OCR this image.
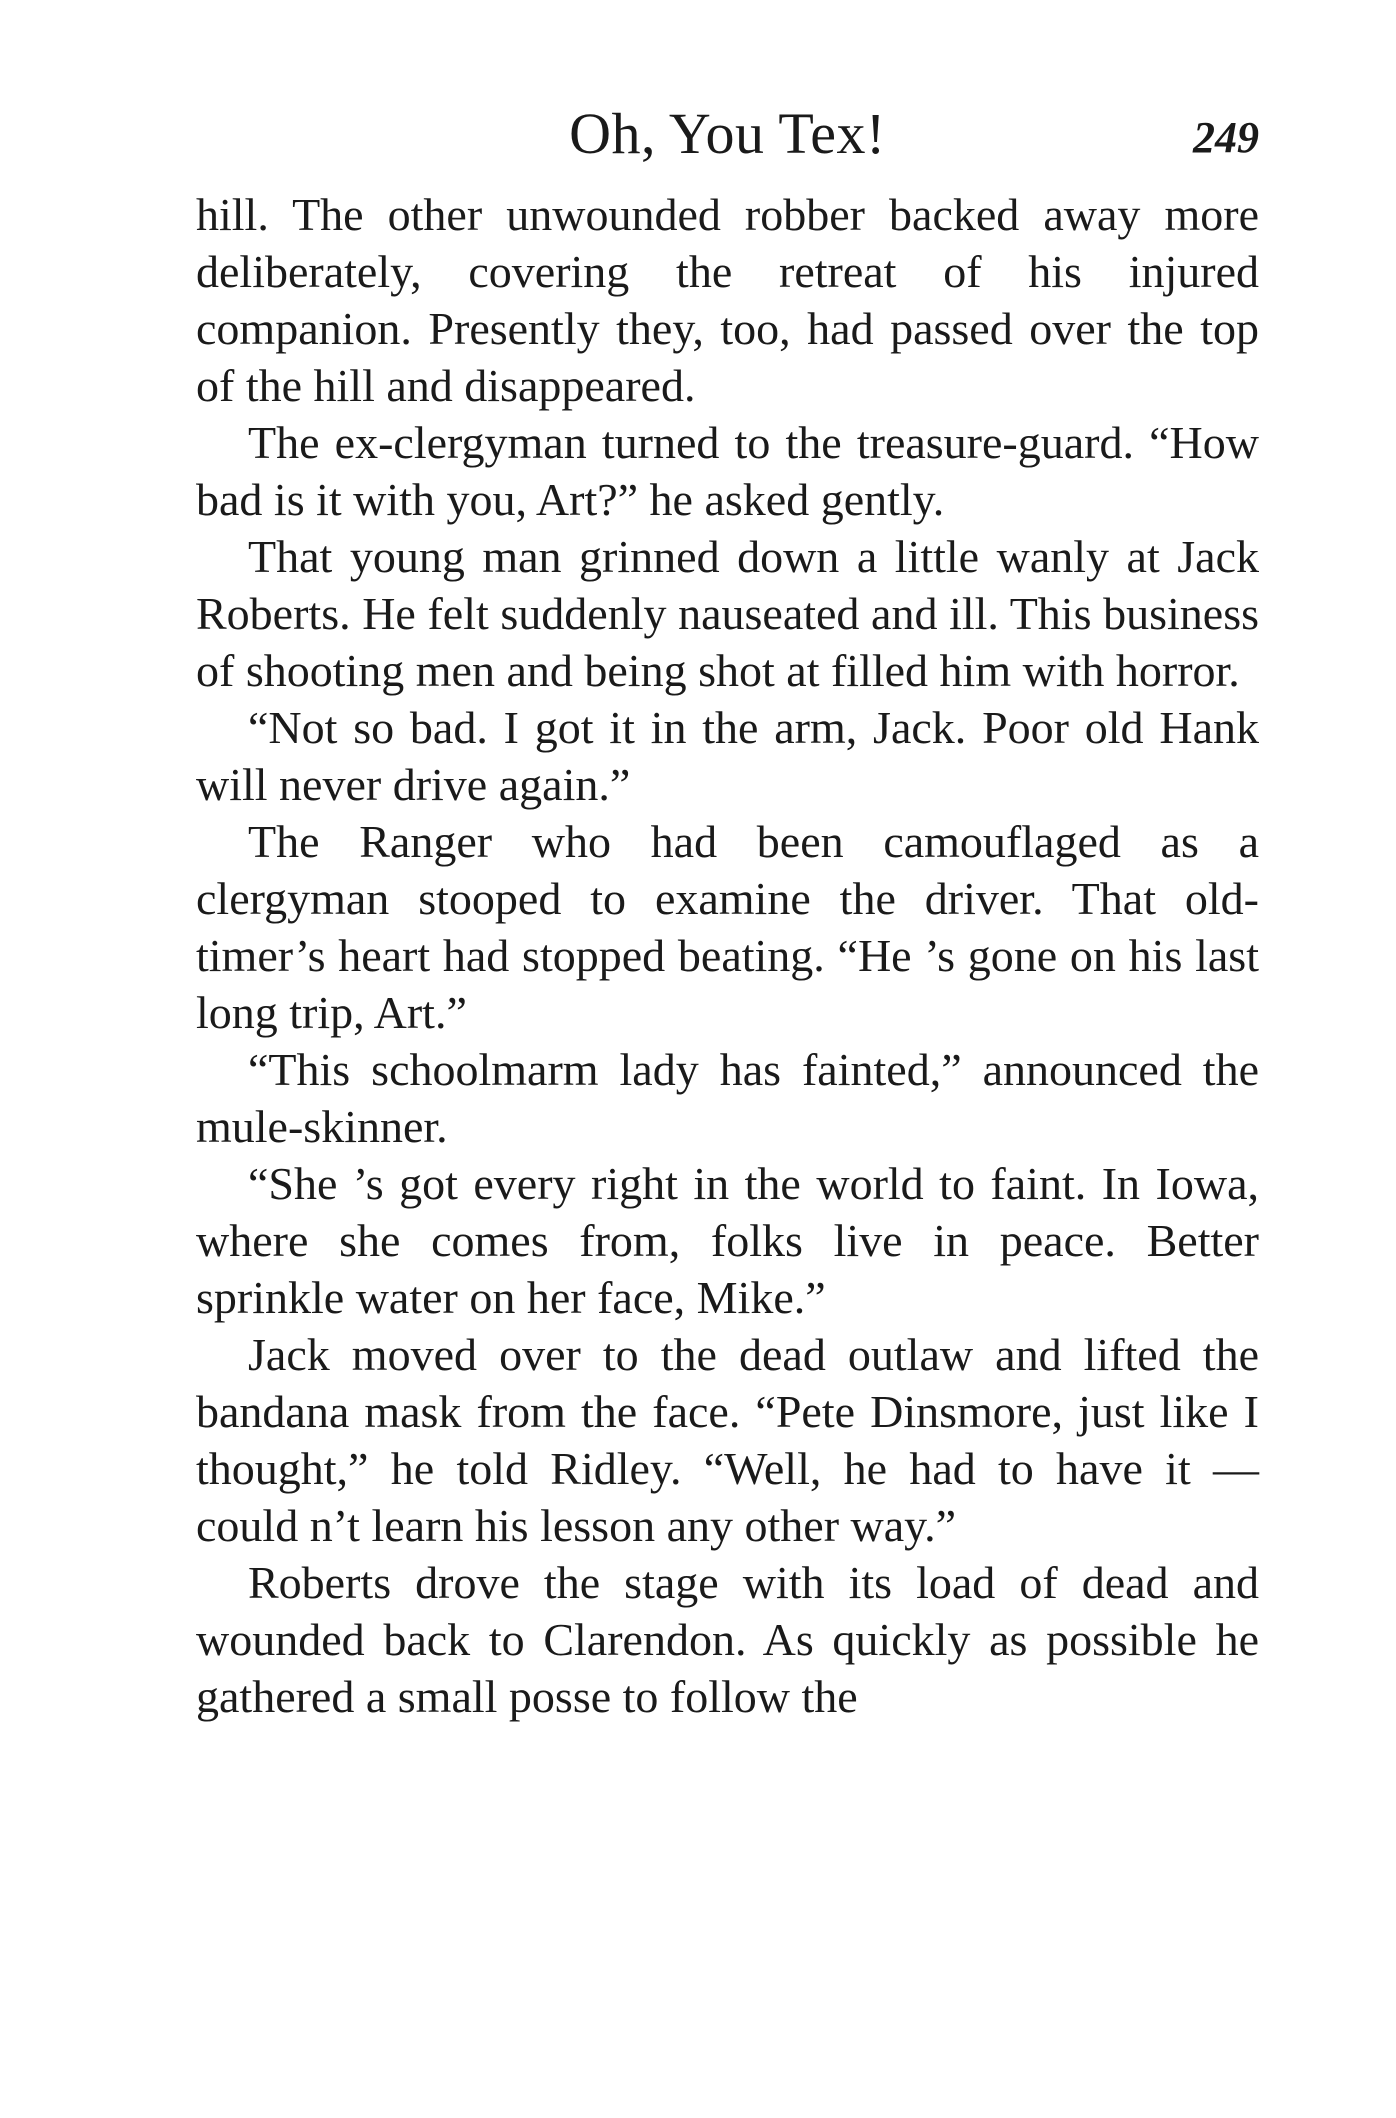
Oh, You Tex!	249

hill. The other unwounded robber backed away more deliberately, covering the retreat of his injured companion. Presently they, too, had passed over the top of the hill and disappeared.

The ex-clergyman turned to the treasure-guard. “How bad is it with you, Art?” he asked gently.

That young man grinned down a little wanly at Jack Roberts. He felt suddenly nauseated and ill. This business of shooting men and being shot at filled him with horror.

“Not so bad. I got it in the arm, Jack. Poor old Hank will never drive again.”

The Ranger who had been camouflaged as a clergyman stooped to examine the driver. That old-timer’s heart had stopped beating. “He ’s gone on his last long trip, Art.”

“This schoolmarm lady has fainted,” announced the mule-skinner.

“She ’s got every right in the world to faint. In Iowa, where she comes from, folks live in peace. Better sprinkle water on her face, Mike.”

Jack moved over to the dead outlaw and lifted the bandana mask from the face. “Pete Dinsmore, just like I thought,” he told Ridley. “Well, he had to have it — could n’t learn his lesson any other way.”

Roberts drove the stage with its load of dead and wounded back to Clarendon. As quickly as possible he gathered a small posse to follow the
